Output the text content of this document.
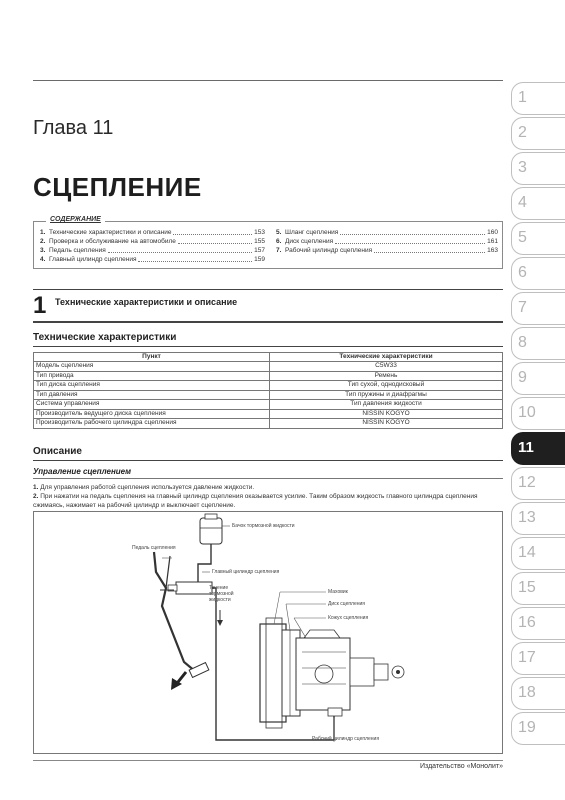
Глава 11
СЦЕПЛЕНИЕ
СОДЕРЖАНИЕ
1. Технические характеристики и описание	153
2. Проверка и обслуживание на автомобиле	155
3. Педаль сцепления	157
4. Главный цилиндр сцепления	159
5. Шланг сцепления	160
6. Диск сцепления	161
7. Рабочий цилиндр сцепления	163
1 Технические характеристики и описание
Технические характеристики
Пункт	Технические характеристики
Модель сцепления	C5W33
Тип привода	Ремень
Тип диска сцепления	Тип сухой, однодисковый
Тип давления	Тип пружины и диафрагмы
Система управления	Тип давления жидкости
Производитель ведущего диска сцепления	NISSIN KOGYO
Производитель рабочего цилиндра сцепления	NISSIN KOGYO
Описание
Управление сцеплением
1. Для управления работой сцепления используется давление жидкости.
2. При нажатии на педаль сцепления на главный цилиндр сцепления оказывается усилие. Таким образом жидкость главного цилиндра сцепления сжимаясь, нажимает на рабочий цилиндр и выключает сцепление.
Бачок тормозной жидкости
Педаль сцепления
Главный цилиндр сцепления
Течение тормозной жидкости
Маховик
Диск сцепления
Кожух сцепления
Рабочий цилиндр сцепления
Издательство «Монолит»
1
2
3
4
5
6
7
8
9
10
11
12
13
14
15
16
17
18
19
